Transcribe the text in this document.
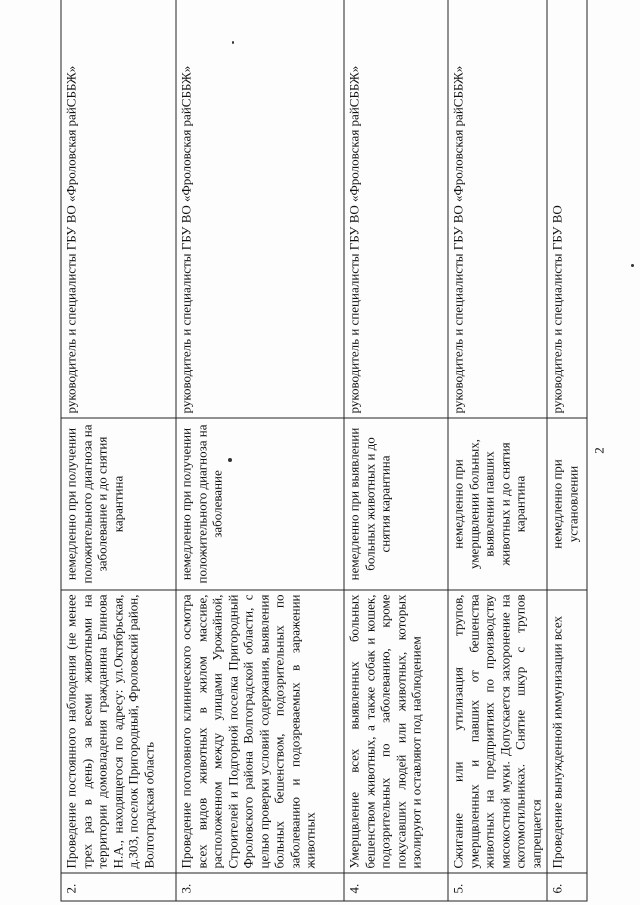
2
2.	Проведение постоянного наблюдения (не менее трех раз в день) за всеми животными на территории домовладения гражданина Блинова Н.А., находящегося по адресу: ул.Октябрьская, д.303, поселок Пригородный, Фроловский район, Волгоградская область	немедленно при получении положительного диагноза на заболевание и до снятия карантина	руководитель и специалисты ГБУ ВО «Фроловская райСББЖ»
3.	Проведение поголовного клинического осмотра всех видов животных в жилом массиве, расположенном между улицами Урожайной, Строителей и Подгорной поселка Пригородный Фроловского района Волгоградской области, с целью проверки условий содержания, выявления больных бешенством, подозрительных по заболеванию и подозреваемых в заражении животных	немедленно при получении положительного диагноза на заболевание	руководитель и специалисты ГБУ ВО «Фроловская райСББЖ»
4.	Умерщвление всех выявленных больных бешенством животных, а также собак и кошек, подозрительных по заболеванию, кроме покусавших людей или животных, которых изолируют и оставляют под наблюдением	немедленно при выявлении больных животных и до снятия карантина	руководитель и специалисты ГБУ ВО «Фроловская райСББЖ»
5.	Сжигание или утилизация трупов, умерщвленных и павших от бешенства животных на предприятиях по производству мясокостной муки. Допускается захоронение на скотомогильниках. Снятие шкур с трупов запрещается	немедленно при умерщвлении больных, выявлении павших животных и до снятия карантина	руководитель и специалисты ГБУ ВО «Фроловская райСББЖ»
6.	Проведение вынужденной иммунизации всех	немедленно при установлении	руководитель и специалисты ГБУ ВО
